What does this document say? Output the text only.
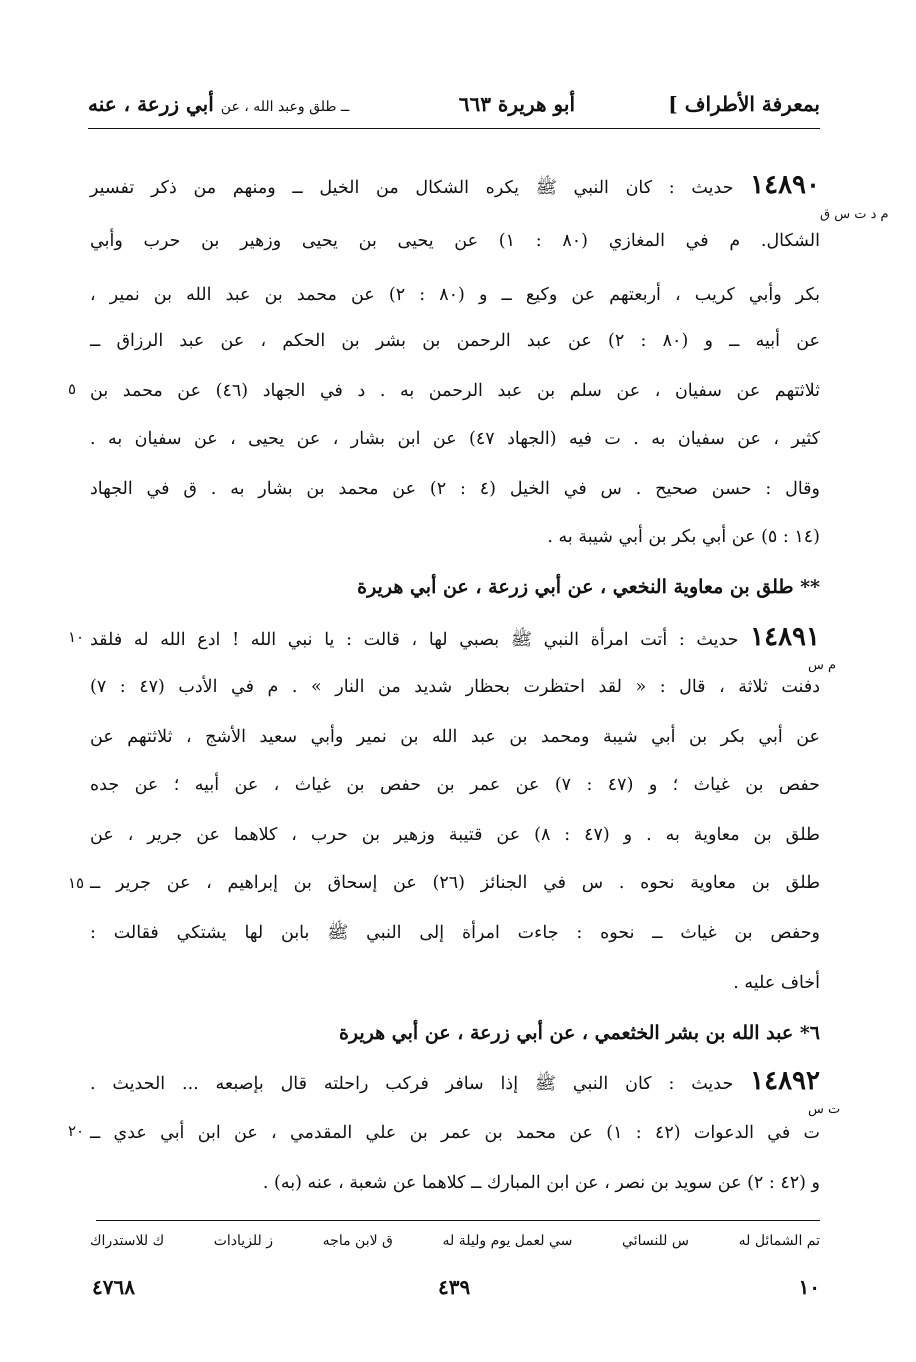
بمعرفة الأطراف ]
أبو هريرة ٦٦٣
ــ طلق وعبد الله ، عن أبي زرعة ، عنه
١٤٨٩٠ حديث : كان النبي ﷺ يكره الشكال من الخيل ــ ومنهم من ذكر تفسير
م د ت س ق
الشكال. م في المغازي (٨٠ : ١) عن يحيى بن يحيى وزهير بن حرب وأبي
بكر وأبي كريب ، أربعتهم عن وكيع ــ و (٨٠ : ٢) عن محمد بن عبد الله بن نمير ،
عن أبيه ــ و (٨٠ : ٢) عن عبد الرحمن بن بشر بن الحكم ، عن عبد الرزاق ــ
ثلاثتهم عن سفيان ، عن سلم بن عبد الرحمن به . د في الجهاد (٤٦) عن محمد بن
٥
كثير ، عن سفيان به . ت فيه (الجهاد ٤٧) عن ابن بشار ، عن يحيى ، عن سفيان به .
وقال : حسن صحيح . س في الخيل (٤ : ٢) عن محمد بن بشار به . ق في الجهاد
(١٤ : ٥) عن أبي بكر بن أبي شيبة به .
** طلق بن معاوية النخعي ، عن أبي زرعة ، عن أبي هريرة
١٤٨٩١ حديث : أتت امرأة النبي ﷺ بصبي لها ، قالت : يا نبي الله ! ادع الله له فلقد
١٠
م س
دفنت ثلاثة ، قال : « لقد احتظرت بحظار شديد من النار » . م في الأدب (٤٧ : ٧)
عن أبي بكر بن أبي شيبة ومحمد بن عبد الله بن نمير وأبي سعيد الأشج ، ثلاثتهم عن
حفص بن غياث ؛ و (٤٧ : ٧) عن عمر بن حفص بن غياث ، عن أبيه ؛ عن جده
طلق بن معاوية به . و (٤٧ : ٨) عن قتيبة وزهير بن حرب ، كلاهما عن جرير ، عن
طلق بن معاوية نحوه . س في الجنائز (٢٦) عن إسحاق بن إبراهيم ، عن جرير ــ
١٥
وحفص بن غياث ــ نحوه : جاءت امرأة إلى النبي ﷺ بابن لها يشتكي فقالت :
أخاف عليه .
٦* عبد الله بن بشر الخثعمي ، عن أبي زرعة ، عن أبي هريرة
١٤٨٩٢ حديث : كان النبي ﷺ إذا سافر فركب راحلته قال بإصبعه ... الحديث .
ت س
ت في الدعوات (٤٢ : ١) عن محمد بن عمر بن علي المقدمي ، عن ابن أبي عدي ــ
٢٠
و (٤٢ : ٢) عن سويد بن نصر ، عن ابن المبارك ــ كلاهما عن شعبة ، عنه (به) .
تم الشمائل له
س للنسائي
سي لعمل يوم وليلة له
ق لابن ماجه
ز للزيادات
ك للاستدراك
١٠
٤٣٩
٤٧٦٨
